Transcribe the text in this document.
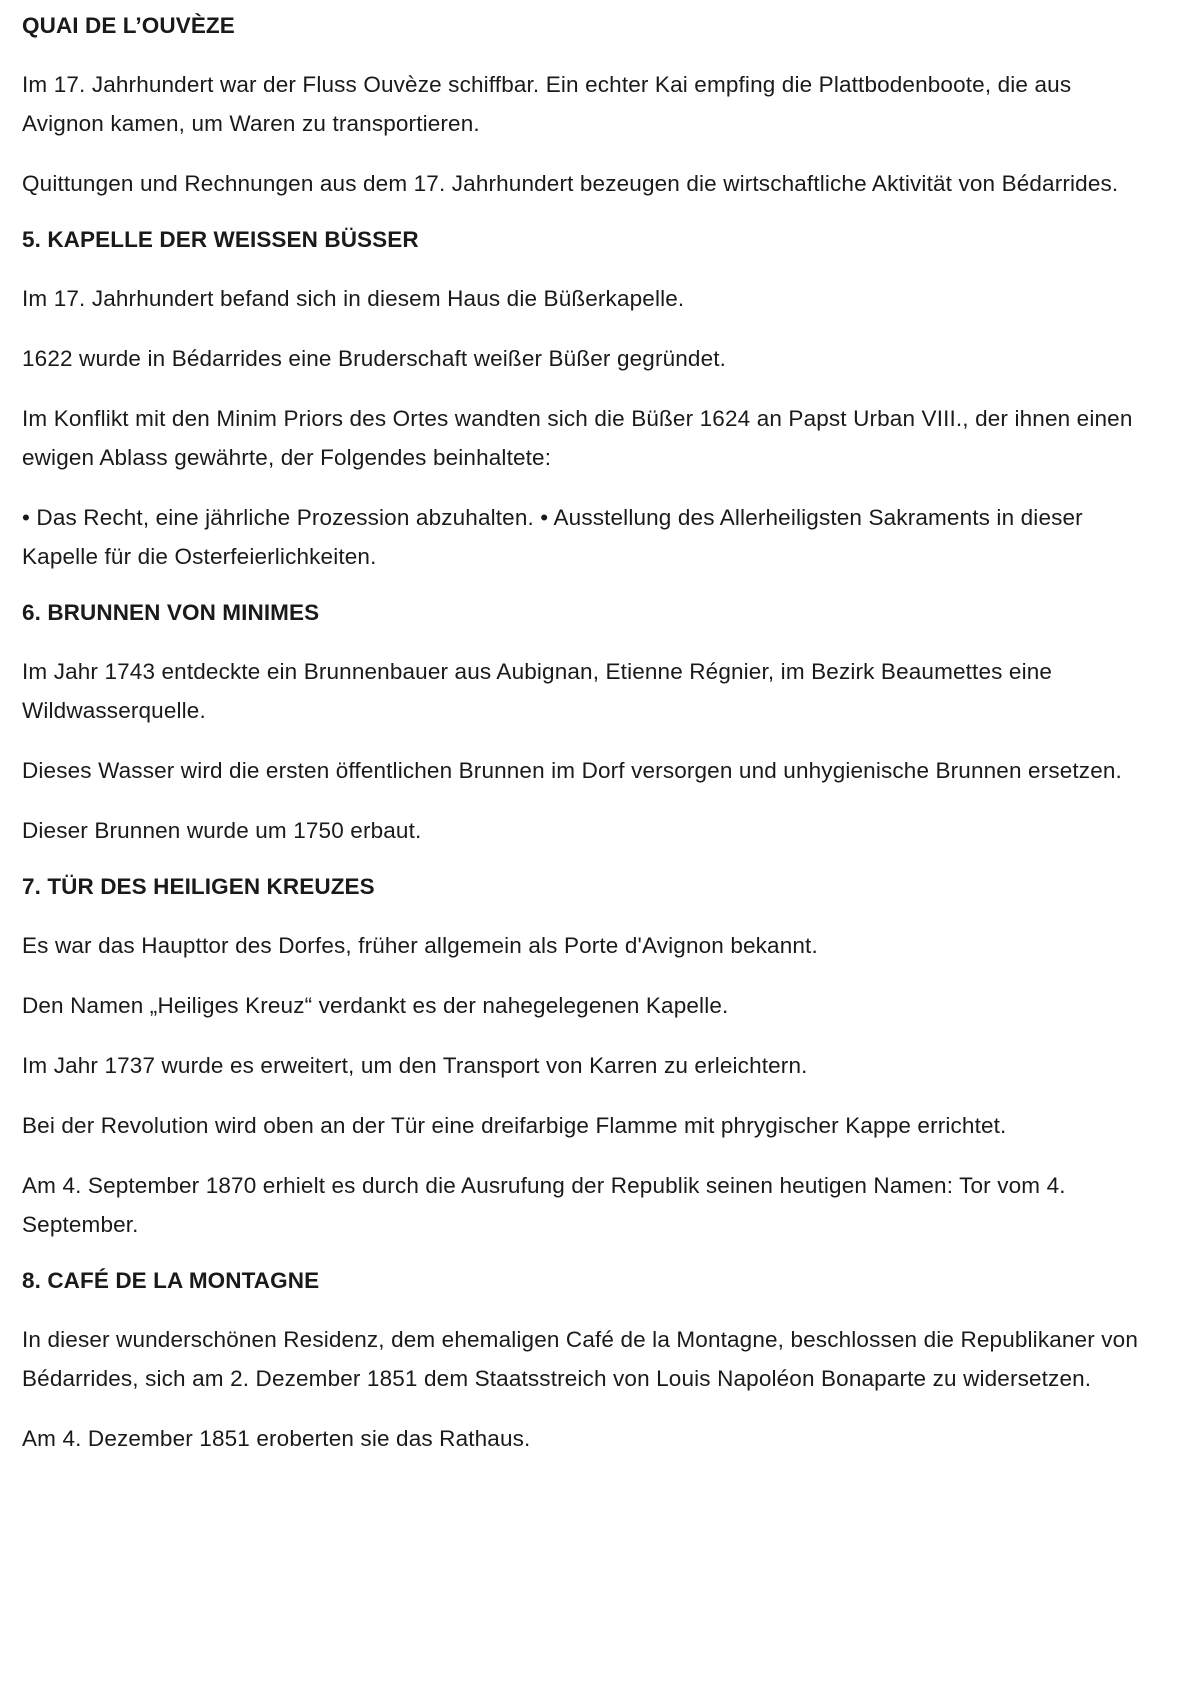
QUAI DE L’OUVÈZE

Im 17. Jahrhundert war der Fluss Ouvèze schiffbar. Ein echter Kai empfing die Plattbodenboote, die aus Avignon kamen, um Waren zu transportieren.

Quittungen und Rechnungen aus dem 17. Jahrhundert bezeugen die wirtschaftliche Aktivität von Bédarrides.

5. KAPELLE DER WEISSEN BÜSSER

Im 17. Jahrhundert befand sich in diesem Haus die Büßerkapelle.

1622 wurde in Bédarrides eine Bruderschaft weißer Büßer gegründet.

Im Konflikt mit den Minim Priors des Ortes wandten sich die Büßer 1624 an Papst Urban VIII., der ihnen einen ewigen Ablass gewährte, der Folgendes beinhaltete:

• Das Recht, eine jährliche Prozession abzuhalten. • Ausstellung des Allerheiligsten Sakraments in dieser Kapelle für die Osterfeierlichkeiten.

6. BRUNNEN VON MINIMES

Im Jahr 1743 entdeckte ein Brunnenbauer aus Aubignan, Etienne Régnier, im Bezirk Beaumettes eine Wildwasserquelle.

Dieses Wasser wird die ersten öffentlichen Brunnen im Dorf versorgen und unhygienische Brunnen ersetzen.

Dieser Brunnen wurde um 1750 erbaut.

7. TÜR DES HEILIGEN KREUZES

Es war das Haupttor des Dorfes, früher allgemein als Porte d'Avignon bekannt.

Den Namen „Heiliges Kreuz“ verdankt es der nahegelegenen Kapelle.

Im Jahr 1737 wurde es erweitert, um den Transport von Karren zu erleichtern.

Bei der Revolution wird oben an der Tür eine dreifarbige Flamme mit phrygischer Kappe errichtet.

Am 4. September 1870 erhielt es durch die Ausrufung der Republik seinen heutigen Namen: Tor vom 4. September.

8. CAFÉ DE LA MONTAGNE

In dieser wunderschönen Residenz, dem ehemaligen Café de la Montagne, beschlossen die Republikaner von Bédarrides, sich am 2. Dezember 1851 dem Staatsstreich von Louis Napoléon Bonaparte zu widersetzen.

Am 4. Dezember 1851 eroberten sie das Rathaus.
